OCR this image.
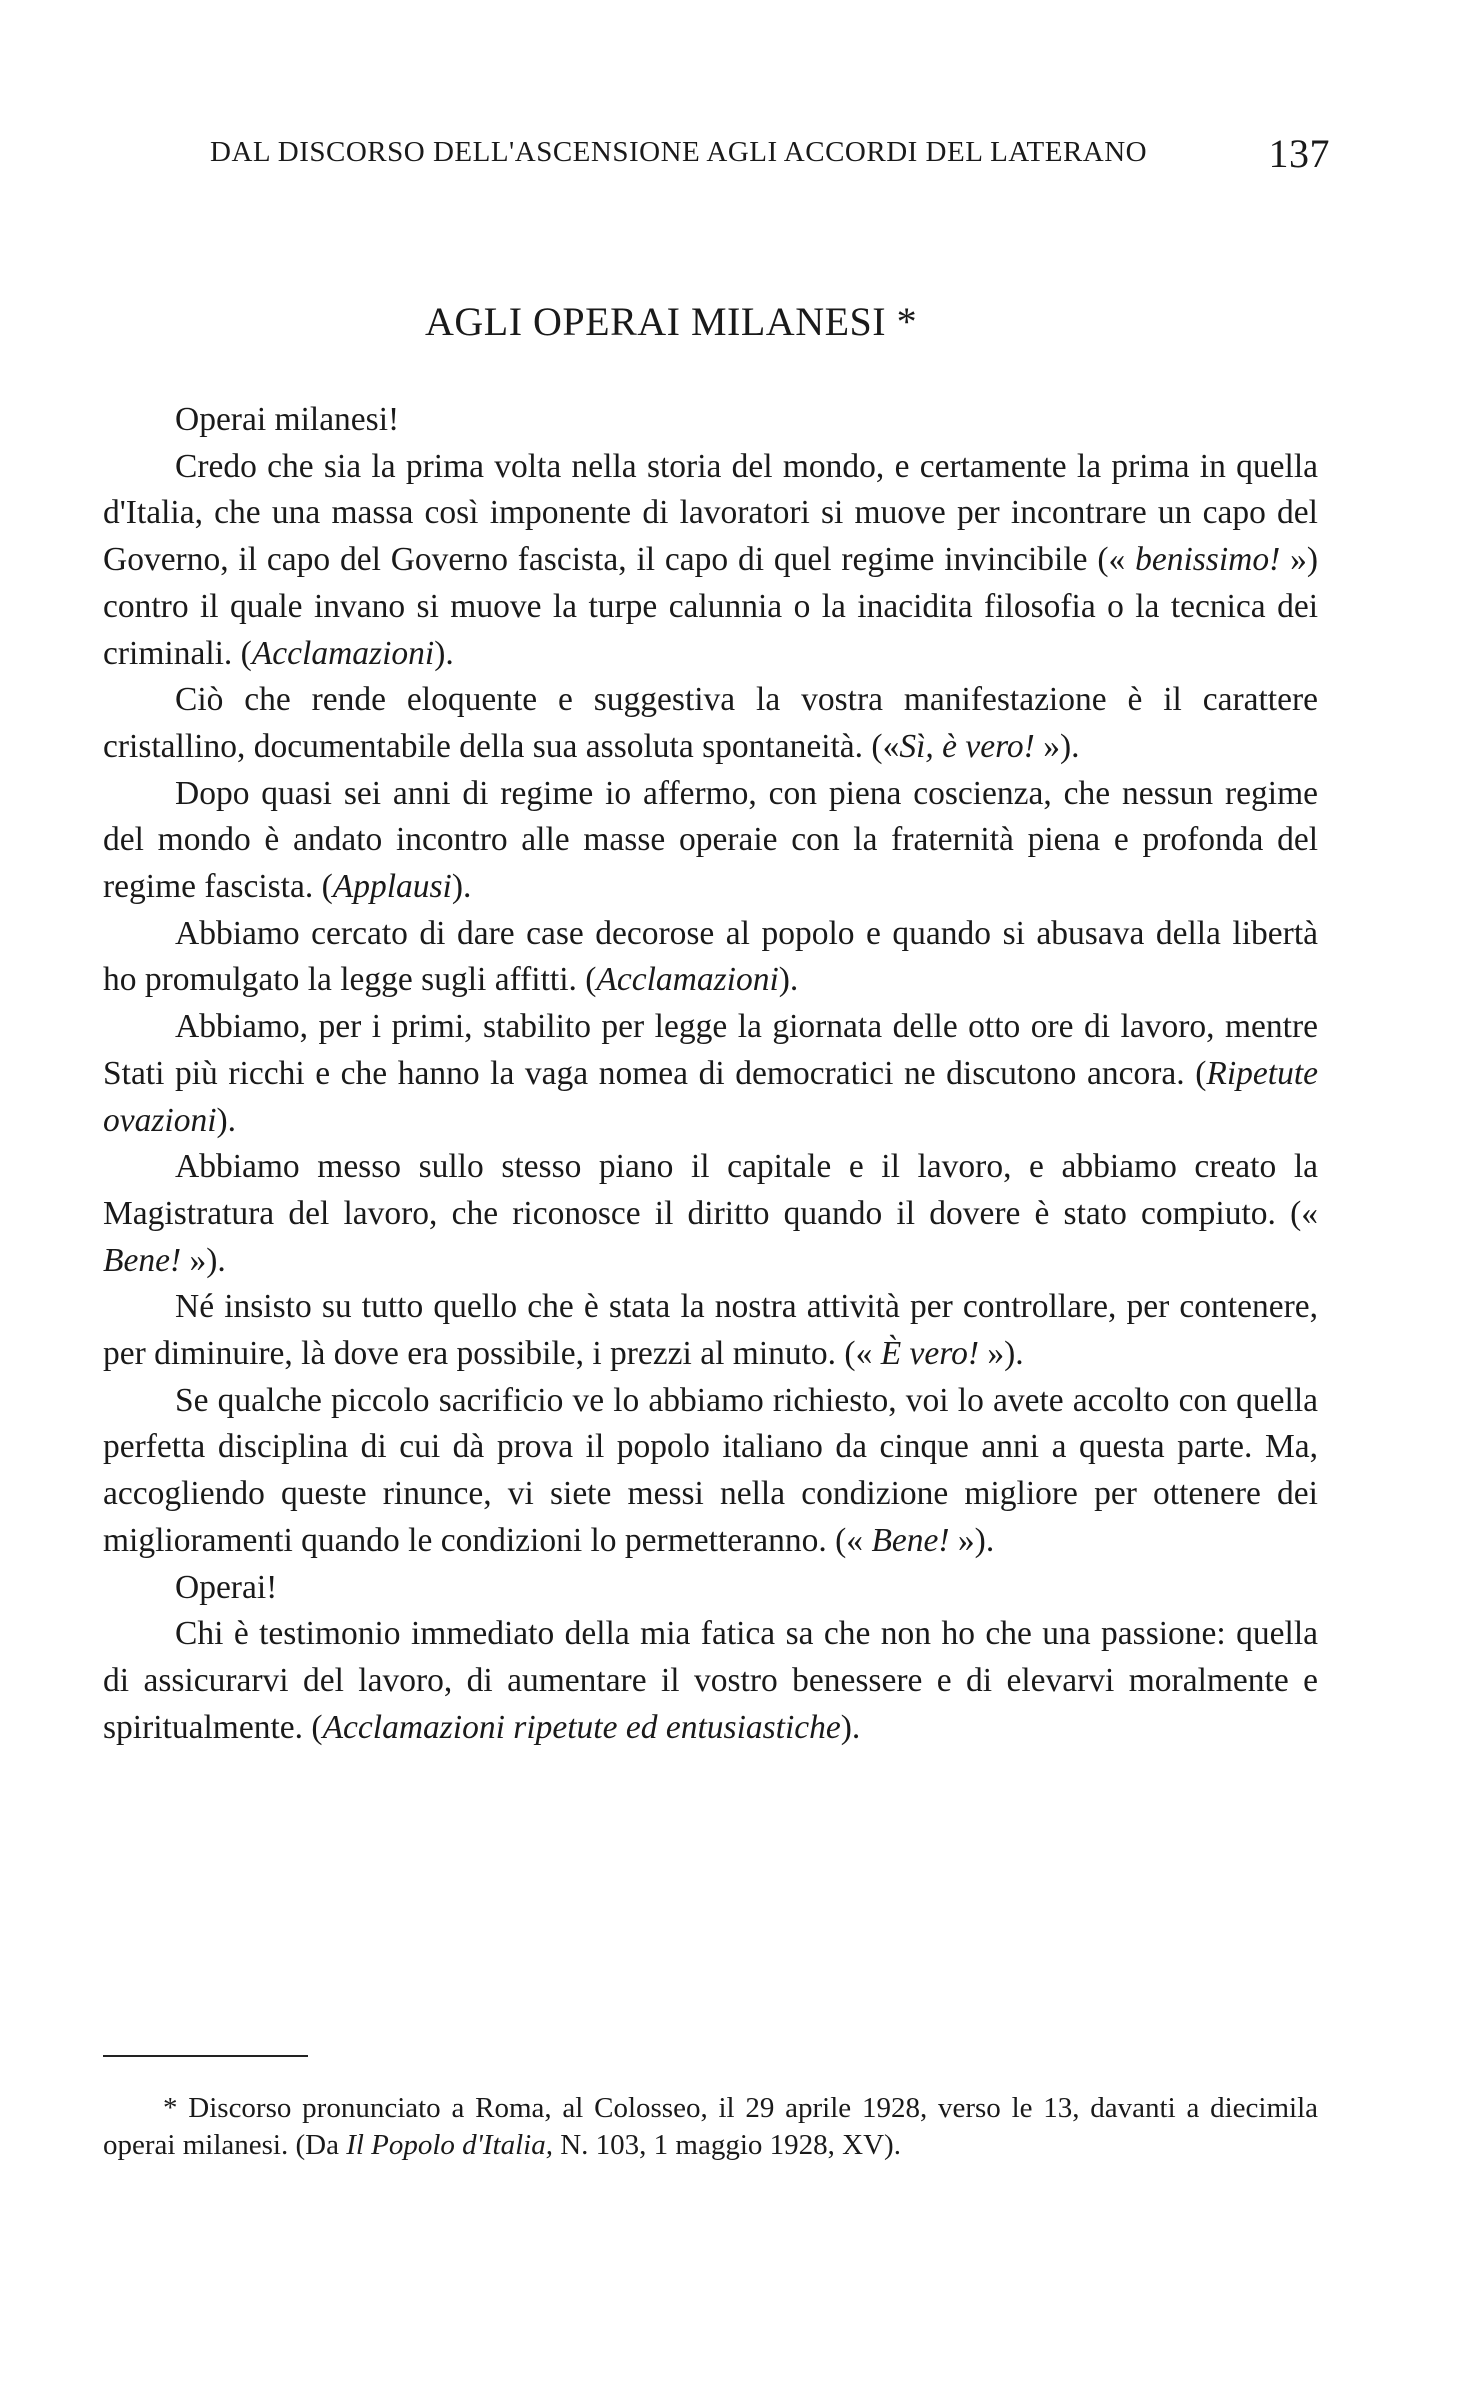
DAL DISCORSO DELL'ASCENSIONE AGLI ACCORDI DEL LATERANO	137
AGLI OPERAI MILANESI *

Operai milanesi!

Credo che sia la prima volta nella storia del mondo, e certamente la prima in quella d'Italia, che una massa così imponente di lavoratori si muove per incontrare un capo del Governo, il capo del Governo fascista, il capo di quel regime invincibile (« benissimo! ») contro il quale invano si muove la turpe calunnia o la inacidita filosofia o la tecnica dei criminali. (Acclamazioni).

Ciò che rende eloquente e suggestiva la vostra manifestazione è il carattere cristallino, documentabile della sua assoluta spontaneità. («Sì, è vero! »).

Dopo quasi sei anni di regime io affermo, con piena coscienza, che nessun regime del mondo è andato incontro alle masse operaie con la fraternità piena e profonda del regime fascista. (Applausi).

Abbiamo cercato di dare case decorose al popolo e quando si abusava della libertà ho promulgato la legge sugli affitti. (Acclamazioni).

Abbiamo, per i primi, stabilito per legge la giornata delle otto ore di lavoro, mentre Stati più ricchi e che hanno la vaga nomea di democratici ne discutono ancora. (Ripetute ovazioni).

Abbiamo messo sullo stesso piano il capitale e il lavoro, e abbiamo creato la Magistratura del lavoro, che riconosce il diritto quando il dovere è stato compiuto. (« Bene! »).

Né insisto su tutto quello che è stata la nostra attività per controllare, per contenere, per diminuire, là dove era possibile, i prezzi al minuto. (« È vero! »).

Se qualche piccolo sacrificio ve lo abbiamo richiesto, voi lo avete accolto con quella perfetta disciplina di cui dà prova il popolo italiano da cinque anni a questa parte. Ma, accogliendo queste rinunce, vi siete messi nella condizione migliore per ottenere dei miglioramenti quando le condizioni lo permetteranno. (« Bene! »).

Operai!

Chi è testimonio immediato della mia fatica sa che non ho che una passione: quella di assicurarvi del lavoro, di aumentare il vostro benessere e di elevarvi moralmente e spiritualmente. (Acclamazioni ripetute ed entusiastiche).

* Discorso pronunciato a Roma, al Colosseo, il 29 aprile 1928, verso le 13, davanti a diecimila operai milanesi. (Da Il Popolo d'Italia, N. 103, 1 maggio 1928, XV).
